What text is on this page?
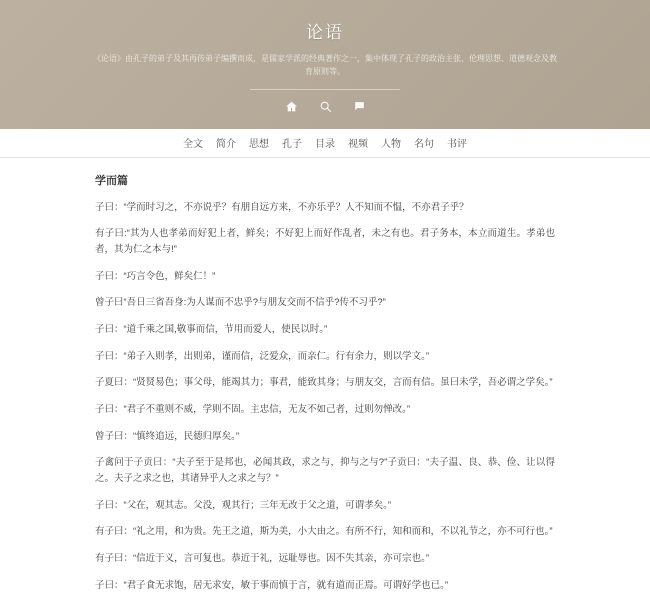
论语
《论语》由孔子的弟子及其再传弟子编撰而成，是儒家学派的经典著作之一，集中体现了孔子的政治主张、伦理思想、道德观念及教育原则等。
全文 简介 思想 孔子 目录 视频 人物 名句 书评
学而篇

子曰：“学而时习之，不亦说乎？有朋自远方来，不亦乐乎？人不知而不愠，不亦君子乎？

有子曰:“其为人也孝弟而好犯上者，鲜矣；不好犯上而好作乱者，未之有也。君子务本，本立而道生。孝弟也者，其为仁之本与!”

子曰：“巧言令色，鲜矣仁！”

曾子曰“吾日三省吾身:为人谋而不忠乎?与朋友交而不信乎?传不习乎?”

子曰：“道千乘之国,敬事而信，节用而爱人，使民以时。”

子曰：“弟子入则孝，出则弟，谨而信，泛爱众，而亲仁。行有余力，则以学文。”

子夏曰：“贤贤易色；事父母，能竭其力；事君，能致其身；与朋友交，言而有信。虽曰未学，吾必谓之学矣。”

子曰：“君子不重则不威，学则不固。主忠信，无友不如己者，过则勿惮改。”

曾子曰：“慎终追远，民德归厚矣。”

子禽问于子贡曰：“夫子至于是邦也，必闻其政，求之与，抑与之与?”子贡曰：“夫子温、良、恭、俭、让以得之。夫子之求之也，其诸异乎人之求之与？”

子曰：“父在，观其志。父没，观其行；三年无改于父之道，可谓孝矣。”

有子曰：“礼之用，和为贵。先王之道，斯为美，小大由之。有所不行，知和而和，不以礼节之，亦不可行也。”

有子曰：“信近于义，言可复也。恭近于礼，远耻辱也。因不失其亲，亦可宗也。”

子曰：“君子食无求饱，居无求安，敏于事而慎于言，就有道而正焉。可谓好学也已。”
